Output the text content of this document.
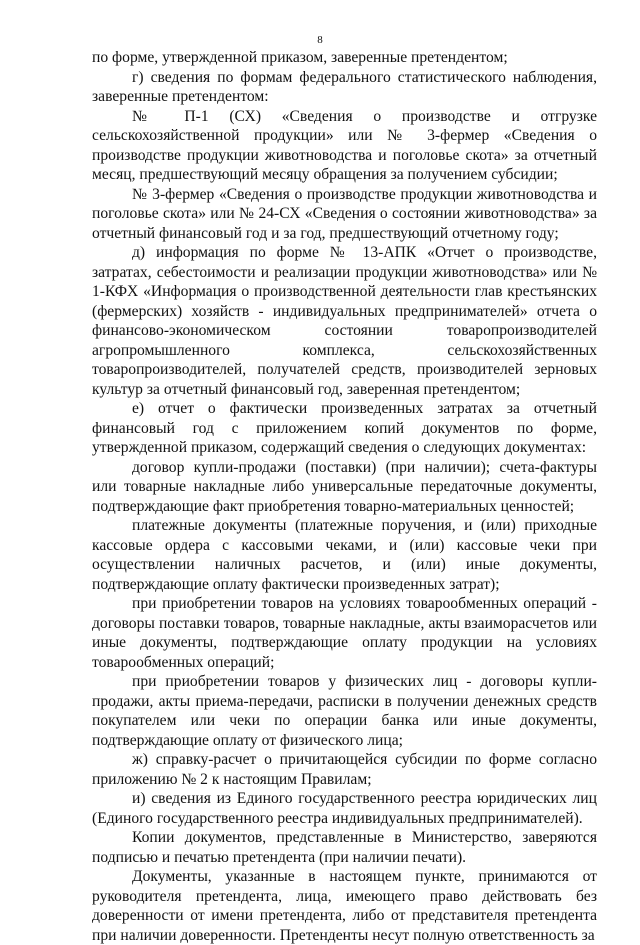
8

по форме, утвержденной приказом, заверенные претендентом;

г) сведения по формам федерального статистического наблюдения, заверенные претендентом:

№ П-1 (СХ) «Сведения о производстве и отгрузке сельскохозяйственной продукции» или № 3-фермер «Сведения о производстве продукции животноводства и поголовье скота» за отчетный месяц, предшествующий месяцу обращения за получением субсидии;

№ 3-фермер «Сведения о производстве продукции животноводства и поголовье скота» или № 24-СХ «Сведения о состоянии животноводства» за отчетный финансовый год и за год, предшествующий отчетному году;

д) информация по форме № 13-АПК «Отчет о производстве, затратах, себестоимости и реализации продукции животноводства» или № 1-КФХ «Информация о производственной деятельности глав крестьянских (фермерских) хозяйств - индивидуальных предпринимателей» отчета о финансово-экономическом состоянии товаропроизводителей агропромышленного комплекса, сельскохозяйственных товаропроизводителей, получателей средств, производителей зерновых культур за отчетный финансовый год, заверенная претендентом;

е) отчет о фактически произведенных затратах за отчетный финансовый год с приложением копий документов по форме, утвержденной приказом, содержащий сведения о следующих документах:

договор купли-продажи (поставки) (при наличии); счета-фактуры или товарные накладные либо универсальные передаточные документы, подтверждающие факт приобретения товарно-материальных ценностей;

платежные документы (платежные поручения, и (или) приходные кассовые ордера с кассовыми чеками, и (или) кассовые чеки при осуществлении наличных расчетов, и (или) иные документы, подтверждающие оплату фактически произведенных затрат);

при приобретении товаров на условиях товарообменных операций - договоры поставки товаров, товарные накладные, акты взаиморасчетов или иные документы, подтверждающие оплату продукции на условиях товарообменных операций;

при приобретении товаров у физических лиц - договоры купли-продажи, акты приема-передачи, расписки в получении денежных средств покупателем или чеки по операции банка или иные документы, подтверждающие оплату от физического лица;

ж) справку-расчет о причитающейся субсидии по форме согласно приложению № 2 к настоящим Правилам;

и) сведения из Единого государственного реестра юридических лиц (Единого государственного реестра индивидуальных предпринимателей).

Копии документов, представленные в Министерство, заверяются подписью и печатью претендента (при наличии печати).

Документы, указанные в настоящем пункте, принимаются от руководителя претендента, лица, имеющего право действовать без доверенности от имени претендента, либо от представителя претендента при наличии доверенности. Претенденты несут полную ответственность за
